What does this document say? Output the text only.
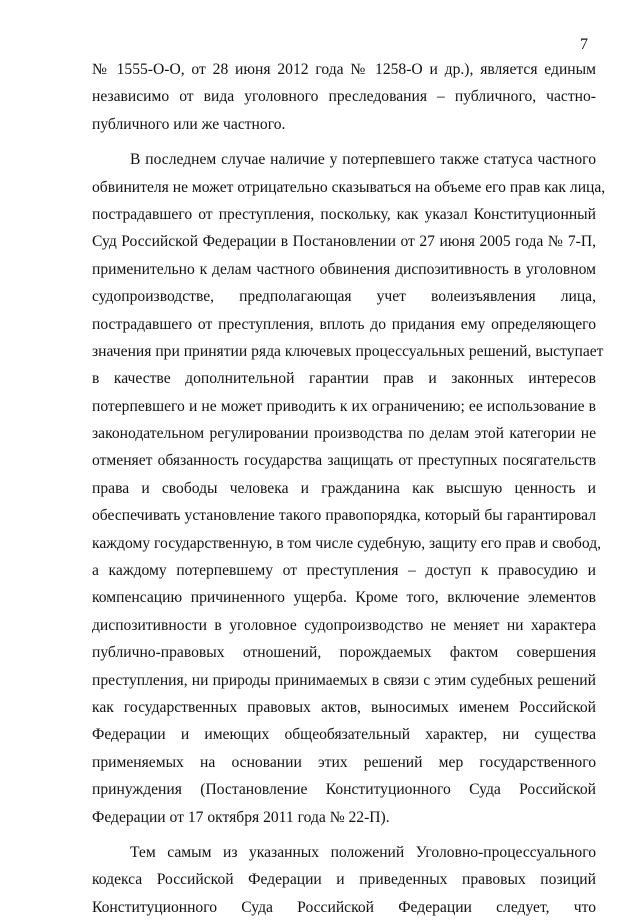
7
№ 1555-О-О, от 28 июня 2012 года № 1258-О и др.), является единым
независимо от вида уголовного преследования – публичного, частно-
публичного или же частного.
В последнем случае наличие у потерпевшего также статуса частного
обвинителя не может отрицательно сказываться на объеме его прав как лица,
пострадавшего от преступления, поскольку, как указал Конституционный
Суд Российской Федерации в Постановлении от 27 июня 2005 года № 7-П,
применительно к делам частного обвинения диспозитивность в уголовном
судопроизводстве, предполагающая учет волеизъявления лица,
пострадавшего от преступления, вплоть до придания ему определяющего
значения при принятии ряда ключевых процессуальных решений, выступает
в качестве дополнительной гарантии прав и законных интересов
потерпевшего и не может приводить к их ограничению; ее использование в
законодательном регулировании производства по делам этой категории не
отменяет обязанность государства защищать от преступных посягательств
права и свободы человека и гражданина как высшую ценность и
обеспечивать установление такого правопорядка, который бы гарантировал
каждому государственную, в том числе судебную, защиту его прав и свобод,
а каждому потерпевшему от преступления – доступ к правосудию и
компенсацию причиненного ущерба. Кроме того, включение элементов
диспозитивности в уголовное судопроизводство не меняет ни характера
публично-правовых отношений, порождаемых фактом совершения
преступления, ни природы принимаемых в связи с этим судебных решений
как государственных правовых актов, выносимых именем Российской
Федерации и имеющих общеобязательный характер, ни существа
применяемых на основании этих решений мер государственного
принуждения (Постановление Конституционного Суда Российской
Федерации от 17 октября 2011 года № 22-П).
Тем самым из указанных положений Уголовно-процессуального
кодекса Российской Федерации и приведенных правовых позиций
Конституционного Суда Российской Федерации следует, что
